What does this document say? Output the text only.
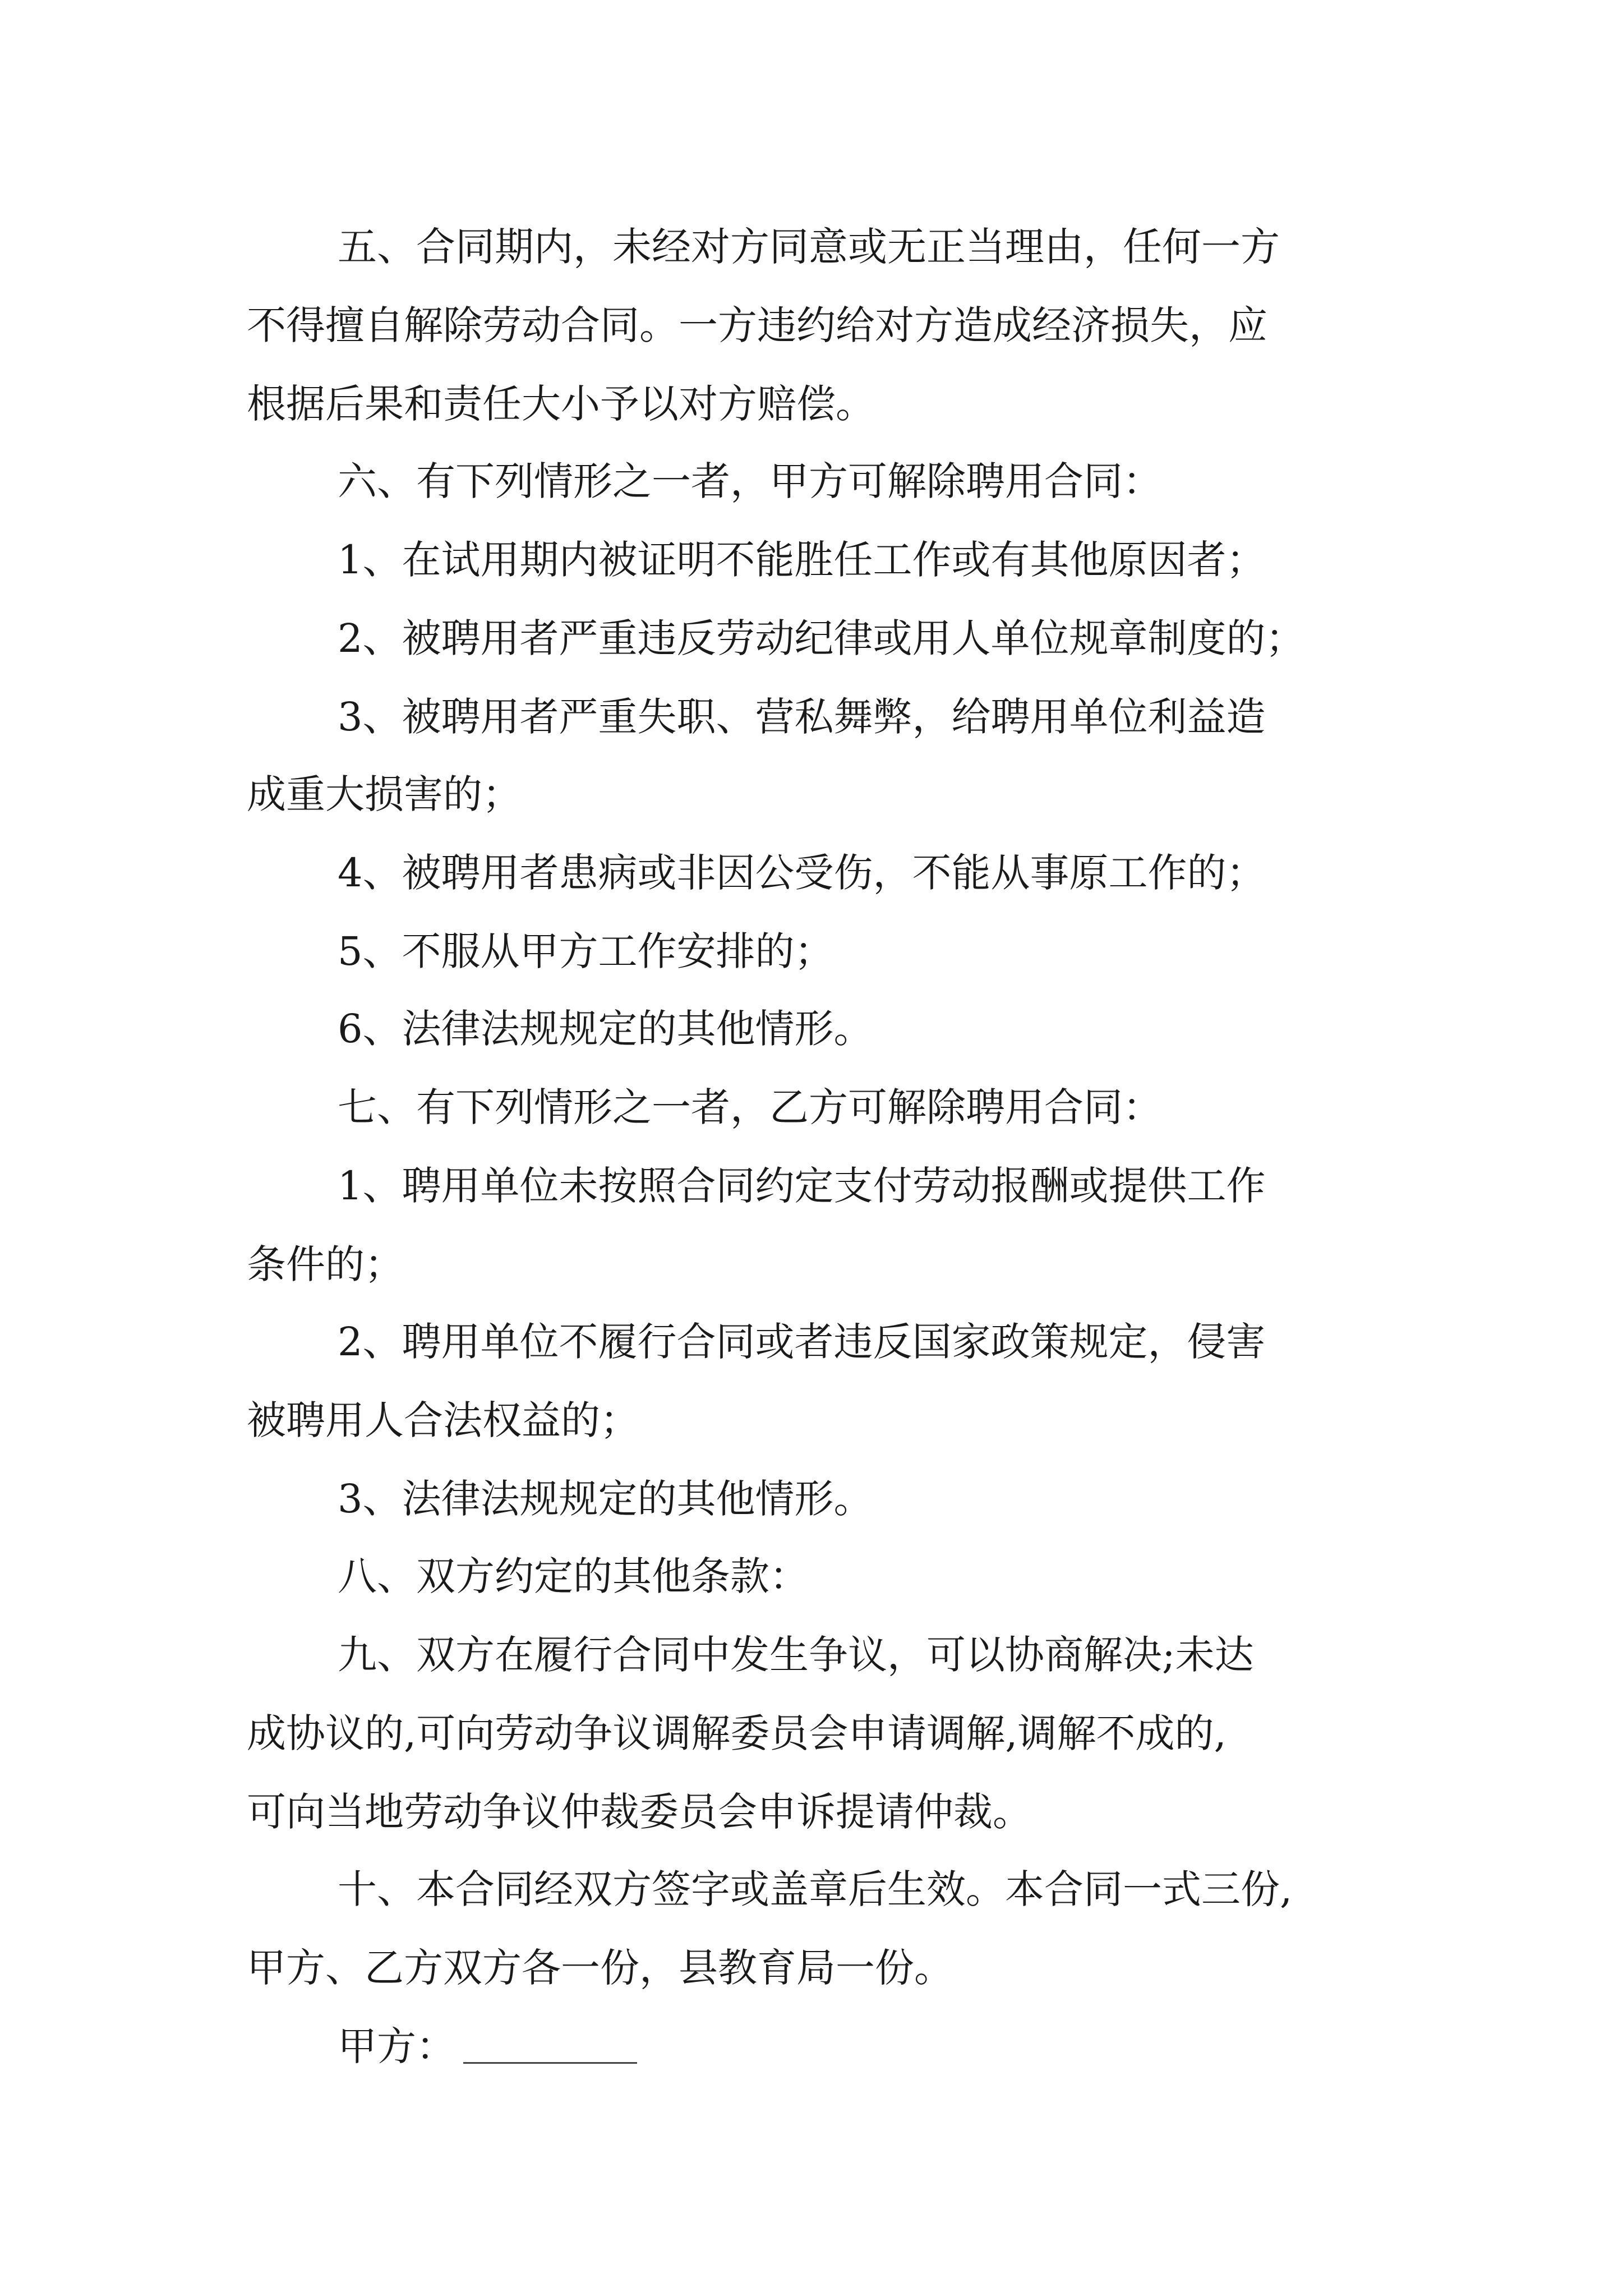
五、合同期内，未经对方同意或无正当理由，任何一方
不得擅自解除劳动合同。一方违约给对方造成经济损失，应
根据后果和责任大小予以对方赔偿。
六、有下列情形之一者，甲方可解除聘用合同：
1、在试用期内被证明不能胜任工作或有其他原因者；
2、被聘用者严重违反劳动纪律或用人单位规章制度的；
3、被聘用者严重失职、营私舞弊，给聘用单位利益造
成重大损害的；
4、被聘用者患病或非因公受伤，不能从事原工作的；
5、不服从甲方工作安排的；
6、法律法规规定的其他情形。
七、有下列情形之一者，乙方可解除聘用合同：
1、聘用单位未按照合同约定支付劳动报酬或提供工作
条件的；
2、聘用单位不履行合同或者违反国家政策规定，侵害
被聘用人合法权益的；
3、法律法规规定的其他情形。
八、双方约定的其他条款：
九、双方在履行合同中发生争议，可以协商解决;未达
成协议的,可向劳动争议调解委员会申请调解,调解不成的,
可向当地劳动争议仲裁委员会申诉提请仲裁。
十、本合同经双方签字或盖章后生效。本合同一式三份,
甲方、乙方双方各一份，县教育局一份。
甲方：
